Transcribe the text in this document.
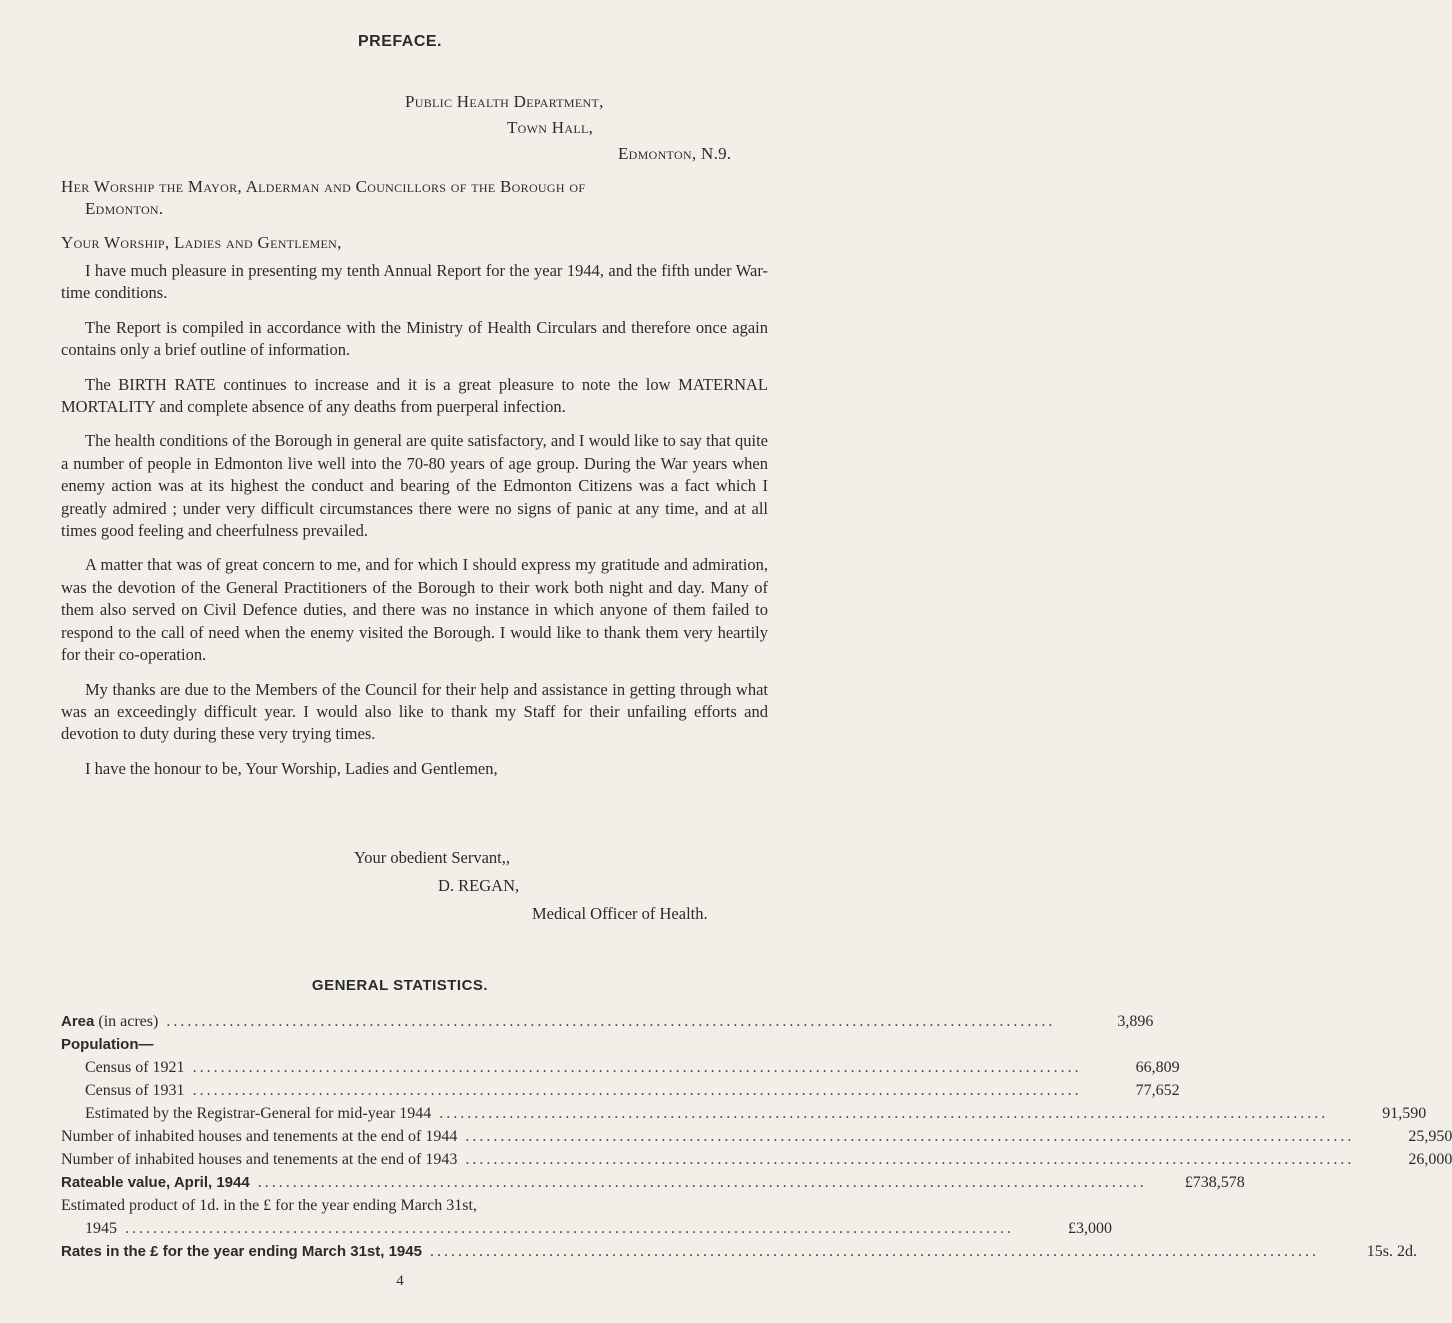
PREFACE.
Public Health Department,
Town Hall,
Edmonton, N.9.
Her Worship the Mayor, Alderman and Councillors of the Borough of
Edmonton.
Your Worship, Ladies and Gentlemen,

I have much pleasure in presenting my tenth Annual Report for the year 1944, and the fifth under War-time conditions.

The Report is compiled in accordance with the Ministry of Health Circulars and therefore once again contains only a brief outline of information.

The BIRTH RATE continues to increase and it is a great pleasure to note the low MATERNAL MORTALITY and complete absence of any deaths from puerperal infection.

The health conditions of the Borough in general are quite satisfactory, and I would like to say that quite a number of people in Edmonton live well into the 70-80 years of age group. During the War years when enemy action was at its highest the conduct and bearing of the Edmonton Citizens was a fact which I greatly admired ; under very difficult circumstances there were no signs of panic at any time, and at all times good feeling and cheerfulness prevailed.

A matter that was of great concern to me, and for which I should express my gratitude and admiration, was the devotion of the General Practitioners of the Borough to their work both night and day. Many of them also served on Civil Defence duties, and there was no instance in which anyone of them failed to respond to the call of need when the enemy visited the Borough. I would like to thank them very heartily for their co-operation.

My thanks are due to the Members of the Council for their help and assistance in getting through what was an exceedingly difficult year. I would also like to thank my Staff for their unfailing efforts and devotion to duty during these very trying times.

I have the honour to be, Your Worship, Ladies and Gentlemen,

Your obedient Servant,,
D. REGAN,
Medical Officer of Health.
GENERAL STATISTICS.
Area (in acres) ...............................................................................................................................	3,896
Population—
Census of 1921 ...............................................................................................................................	66,809
Census of 1931 ...............................................................................................................................	77,652
Estimated by the Registrar-General for mid-year 1944 ...............................................................................................................................	91,590
Number of inhabited houses and tenements at the end of 1944 ...............................................................................................................................	25,950
Number of inhabited houses and tenements at the end of 1943 ...............................................................................................................................	26,000
Rateable value, April, 1944 ...............................................................................................................................	£738,578
Estimated product of 1d. in the £ for the year ending March 31st,
1945 ...............................................................................................................................	£3,000
Rates in the £ for the year ending March 31st, 1945 ...............................................................................................................................	15s. 2d.
4
